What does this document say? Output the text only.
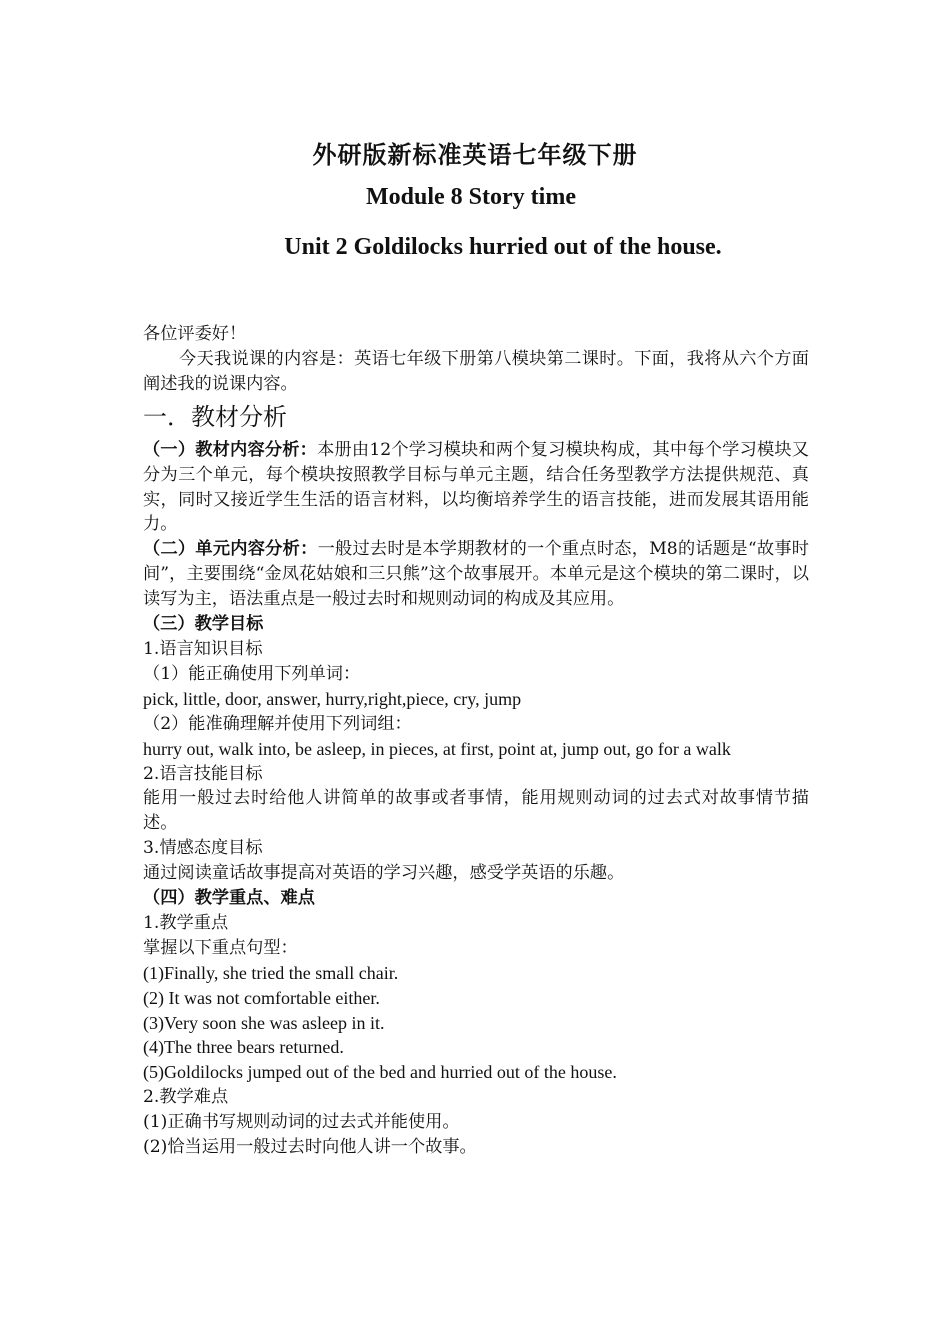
外研版新标准英语七年级下册
Module 8 Story time
Unit 2 Goldilocks hurried out of the house.

各位评委好！

今天我说课的内容是：英语七年级下册第八模块第二课时。下面，我将从六个方面阐述我的说课内容。

一．教材分析

（一）教材内容分析：本册由12个学习模块和两个复习模块构成，其中每个学习模块又分为三个单元，每个模块按照教学目标与单元主题，结合任务型教学方法提供规范、真实，同时又接近学生生活的语言材料，以均衡培养学生的语言技能，进而发展其语用能力。

（二）单元内容分析：一般过去时是本学期教材的一个重点时态，M8的话题是“故事时间”，主要围绕“金凤花姑娘和三只熊”这个故事展开。本单元是这个模块的第二课时，以读写为主，语法重点是一般过去时和规则动词的构成及其应用。

（三）教学目标

1.语言知识目标

（1）能正确使用下列单词：

pick, little, door, answer, hurry,right,piece, cry, jump

（2）能准确理解并使用下列词组：

hurry out, walk into, be asleep, in pieces, at first, point at, jump out, go for a walk

2.语言技能目标

能用一般过去时给他人讲简单的故事或者事情，能用规则动词的过去式对故事情节描述。

3.情感态度目标

通过阅读童话故事提高对英语的学习兴趣，感受学英语的乐趣。

（四）教学重点、难点

1.教学重点

掌握以下重点句型：

(1)Finally, she tried the small chair.

(2) It was not comfortable either.

(3)Very soon she was asleep in it.

(4)The three bears returned.

(5)Goldilocks jumped out of the bed and hurried out of the house.

2.教学难点

(1)正确书写规则动词的过去式并能使用。

(2)恰当运用一般过去时向他人讲一个故事。
